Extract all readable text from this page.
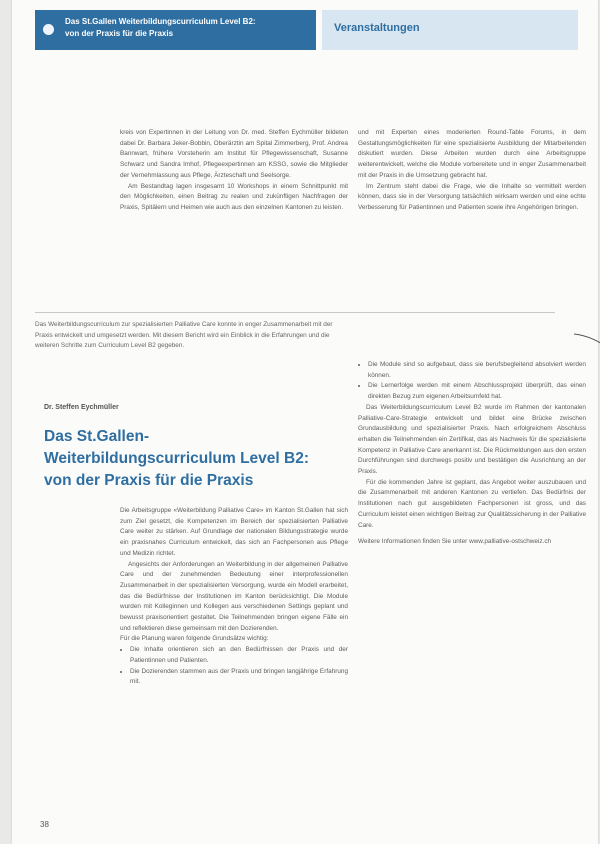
Das St.Gallen Weiterbildungscurriculum Level B2:
von der Praxis für die Praxis	Veranstaltungen

kreis von Expertinnen in der Leitung von Dr. med. Steffen Eychmüller bildeten dabei Dr. Barbara Jeker-Bobbin, Oberärztin am Spital Zimmerberg, Prof. Andrea Bannwart, frühere Vorsteherin am Institut für Pflegewissenschaft, Susanne Schwarz und Sandra Imhof, Pflegeexpertinnen am KSSG, sowie die Mitglieder der Vernehmlassung aus Pflege, Ärzteschaft und Seelsorge.

Am Bestandtag lagen insgesamt 10 Workshops in einem Schnittpunkt mit den Möglichkeiten, einen Beitrag zu realen und zukünftigen Nachfragen der Praxis, Spitälern und Heimen wie auch aus den einzelnen Kantonen zu leisten.

und mit Experten eines moderierten Round-Table Forums, in dem Gestaltungsmöglichkeiten für eine spezialisierte Ausbildung der Mitarbeitenden diskutiert wurden. Diese Arbeiten wurden durch eine Arbeitsgruppe weiterentwickelt, welche die Module vorbereitete und in enger Zusammenarbeit mit der Praxis in die Umsetzung gebracht hat.

Im Zentrum steht dabei die Frage, wie die Inhalte so vermittelt werden können, dass sie in der Versorgung tatsächlich wirksam werden und eine echte Verbesserung für Patientinnen und Patienten sowie ihre Angehörigen bringen.

Das Weiterbildungscurriculum zur spezialisierten Palliative Care konnte in enger Zusammenarbeit mit der Praxis entwickelt und umgesetzt werden. Mit diesem Bericht wird ein Einblick in die Erfahrungen und die weiteren Schritte zum Curriculum Level B2 gegeben.
Dr. Steffen Eychmüller
Das St.Gallen-Weiterbildungscurriculum Level B2: von der Praxis für die Praxis

Die Arbeitsgruppe «Weiterbildung Palliative Care» im Kanton St.Gallen hat sich zum Ziel gesetzt, die Kompetenzen im Bereich der spezialisierten Palliative Care weiter zu stärken. Auf Grundlage der nationalen Bildungsstrategie wurde ein praxisnahes Curriculum entwickelt, das sich an Fachpersonen aus Pflege und Medizin richtet.

Angesichts der Anforderungen an Weiterbildung in der allgemeinen Palliative Care und der zunehmenden Bedeutung einer interprofessionellen Zusammenarbeit in der spezialisierten Versorgung, wurde ein Modell erarbeitet, das die Bedürfnisse der Institutionen im Kanton berücksichtigt. Die Module wurden mit Kolleginnen und Kollegen aus verschiedenen Settings geplant und bewusst praxisorientiert gestaltet. Die Teilnehmenden bringen eigene Fälle ein und reflektieren diese gemeinsam mit den Dozierenden.

Für die Planung waren folgende Grundsätze wichtig:

• Die Inhalte orientieren sich an den Bedürfnissen der Praxis und der Patientinnen und Patienten.
• Die Dozierenden stammen aus der Praxis und bringen langjährige Erfahrung mit.
• Die Module sind so aufgebaut, dass sie berufsbegleitend absolviert werden können.
• Die Lernerfolge werden mit einem Abschlussprojekt überprüft, das einen direkten Bezug zum eigenen Arbeitsumfeld hat.

Das Weiterbildungscurriculum Level B2 wurde im Rahmen der kantonalen Palliative-Care-Strategie entwickelt und bildet eine Brücke zwischen Grundausbildung und spezialisierter Praxis. Nach erfolgreichem Abschluss erhalten die Teilnehmenden ein Zertifikat, das als Nachweis für die spezialisierte Kompetenz in Palliative Care anerkannt ist. Die Rückmeldungen aus den ersten Durchführungen sind durchwegs positiv und bestätigen die Ausrichtung an der Praxis.

Für die kommenden Jahre ist geplant, das Angebot weiter auszubauen und die Zusammenarbeit mit anderen Kantonen zu vertiefen. Das Bedürfnis der Institutionen nach gut ausgebildeten Fachpersonen ist gross, und das Curriculum leistet einen wichtigen Beitrag zur Qualitätssicherung in der Palliative Care.

Weitere Informationen finden Sie unter www.palliative-ostschweiz.ch

38
